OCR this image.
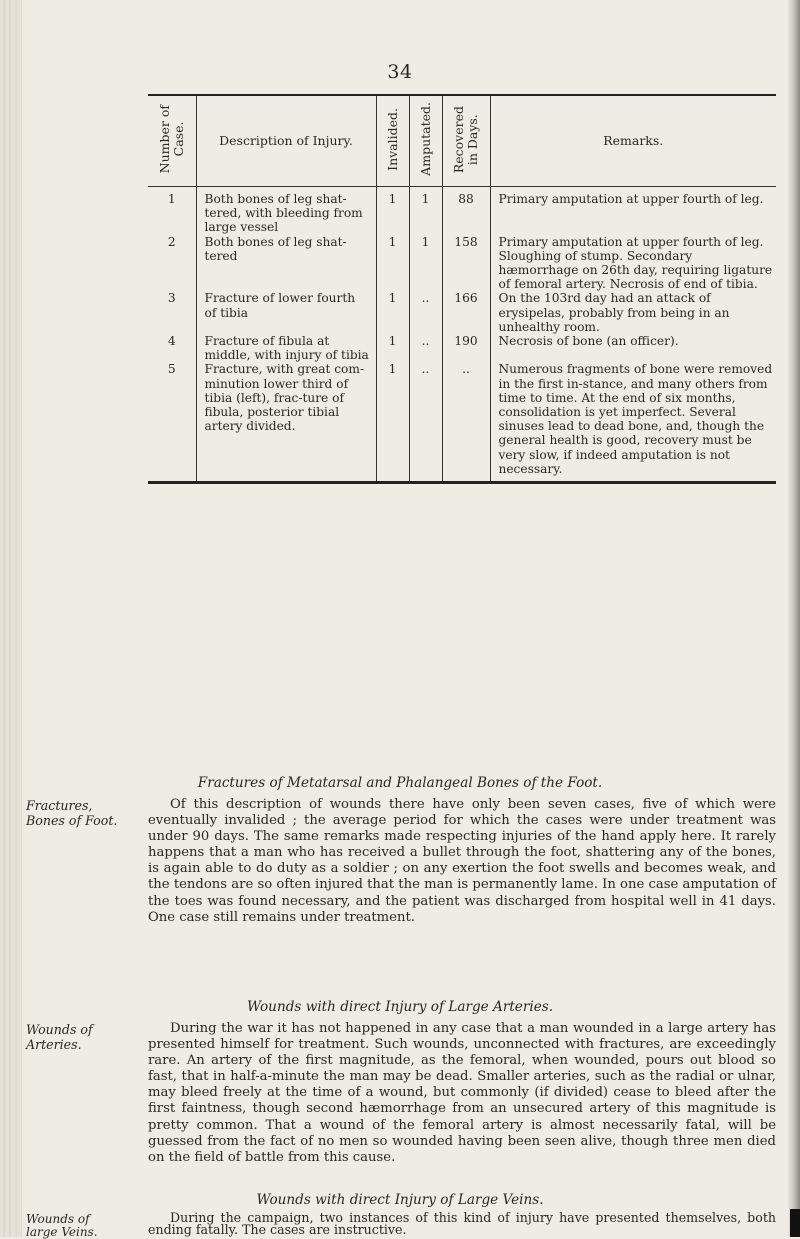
34
Number of
Case.	Description of Injury.	Invalided.	Amputated.	Recovered
in Days.	Remarks.
1	Both bones of leg shat-tered, with bleeding from large vessel	1	1	88	Primary amputation at upper fourth of leg.
2	Both bones of leg shat-tered	1	1	158	Primary amputation at upper fourth of leg. Sloughing of stump. Secondary hæmorrhage on 26th day, requiring ligature of femoral artery. Necrosis of end of tibia.
3	Fracture of lower fourth of tibia	1	..	166	On the 103rd day had an attack of erysipelas, probably from being in an unhealthy room.
4	Fracture of fibula at middle, with injury of tibia	1	..	190	Necrosis of bone (an officer).
5	Fracture, with great com-minution lower third of tibia (left), frac-ture of fibula, posterior tibial artery divided.	1	..	..	Numerous fragments of bone were removed in the first in-stance, and many others from time to time. At the end of six months, consolidation is yet imperfect. Several sinuses lead to dead bone, and, though the general health is good, recovery must be very slow, if indeed amputation is not necessary.
Fractures of Metatarsal and Phalangeal Bones of the Foot.
Fractures, Bones of Foot.

Of this description of wounds there have only been seven cases, five of which were eventually invalided ; the average period for which the cases were under treatment was under 90 days. The same remarks made respecting injuries of the hand apply here. It rarely happens that a man who has received a bullet through the foot, shattering any of the bones, is again able to do duty as a soldier ; on any exertion the foot swells and becomes weak, and the tendons are so often injured that the man is permanently lame. In one case amputation of the toes was found necessary, and the patient was discharged from hospital well in 41 days. One case still remains under treatment.

Wounds with direct Injury of Large Arteries.
Wounds of Arteries.

During the war it has not happened in any case that a man wounded in a large artery has presented himself for treatment. Such wounds, unconnected with fractures, are exceedingly rare. An artery of the first magnitude, as the femoral, when wounded, pours out blood so fast, that in half-a-minute the man may be dead. Smaller arteries, such as the radial or ulnar, may bleed freely at the time of a wound, but commonly (if divided) cease to bleed after the first faintness, though second hæmorrhage from an unsecured artery of this magnitude is pretty common. That a wound of the femoral artery is almost necessarily fatal, will be guessed from the fact of no men so wounded having been seen alive, though three men died on the field of battle from this cause.

Wounds with direct Injury of Large Veins.
Wounds of large Veins.

During the campaign, two instances of this kind of injury have presented themselves, both ending fatally. The cases are instructive.
